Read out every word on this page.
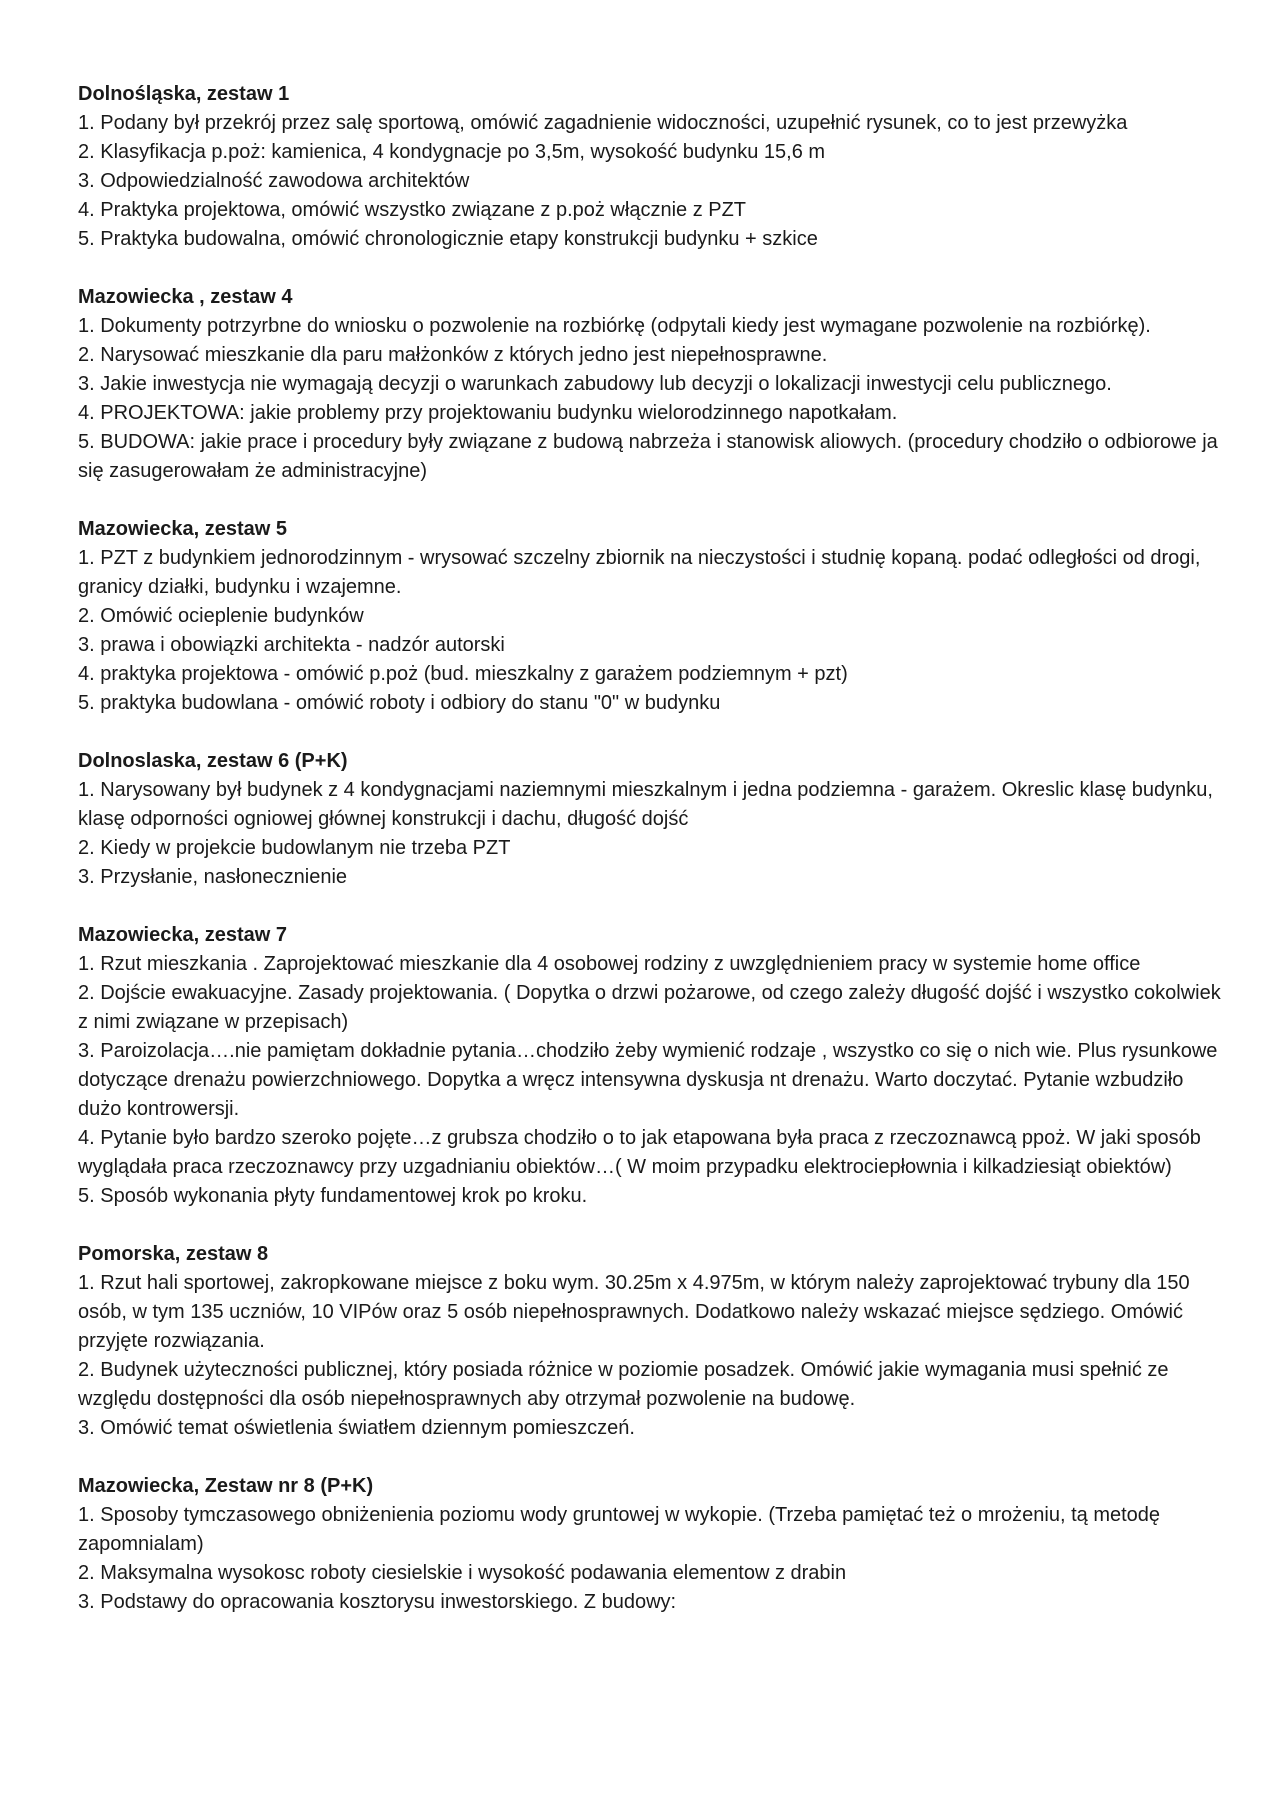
Dolnośląska, zestaw 1

1. Podany był przekrój przez salę sportową, omówić zagadnienie widoczności, uzupełnić rysunek, co to jest przewyżka

2. Klasyfikacja p.poż: kamienica, 4 kondygnacje po 3,5m, wysokość budynku 15,6 m

3. Odpowiedzialność zawodowa architektów

4. Praktyka projektowa, omówić wszystko związane z p.poż włącznie z PZT

5. Praktyka budowalna, omówić chronologicznie etapy konstrukcji budynku + szkice

Mazowiecka , zestaw 4

1. Dokumenty potrzyrbne do wniosku o pozwolenie na rozbiórkę (odpytali kiedy jest wymagane pozwolenie na rozbiórkę).

2. Narysować mieszkanie dla paru małżonków z których jedno jest niepełnosprawne.

3. Jakie inwestycja nie wymagają decyzji o warunkach zabudowy lub decyzji o lokalizacji inwestycji celu publicznego.

4. PROJEKTOWA: jakie problemy przy projektowaniu budynku wielorodzinnego napotkałam.

5. BUDOWA: jakie prace i procedury były związane z budową nabrzeża i stanowisk aliowych. (procedury chodziło o odbiorowe ja się zasugerowałam że administracyjne)

Mazowiecka, zestaw 5

1. PZT z budynkiem jednorodzinnym - wrysować szczelny zbiornik na nieczystości i studnię kopaną. podać odległości od drogi, granicy działki, budynku i wzajemne.

2. Omówić ocieplenie budynków

3. prawa i obowiązki architekta - nadzór autorski

4. praktyka projektowa - omówić p.poż (bud. mieszkalny z garażem podziemnym + pzt)

5. praktyka budowlana - omówić roboty i odbiory do stanu "0" w budynku

Dolnoslaska, zestaw 6 (P+K)

1. Narysowany był budynek z 4 kondygnacjami naziemnymi mieszkalnym i jedna podziemna - garażem. Okreslic klasę budynku, klasę odporności ogniowej głównej konstrukcji i dachu, długość dojść

2. Kiedy w projekcie budowlanym nie trzeba PZT

3. Przysłanie, nasłonecznienie

Mazowiecka, zestaw 7

1. Rzut mieszkania . Zaprojektować mieszkanie dla 4 osobowej rodziny z uwzględnieniem pracy w systemie home office

2. Dojście ewakuacyjne. Zasady projektowania. ( Dopytka o drzwi pożarowe, od czego zależy długość dojść i wszystko cokolwiek z nimi związane w przepisach)

3. Paroizolacja….nie pamiętam dokładnie pytania…chodziło żeby wymienić rodzaje , wszystko co się o nich wie. Plus rysunkowe dotyczące drenażu powierzchniowego. Dopytka a wręcz intensywna dyskusja nt drenażu. Warto doczytać. Pytanie wzbudziło dużo kontrowersji.

4. Pytanie było bardzo szeroko pojęte…z grubsza chodziło o to jak etapowana była praca z rzeczoznawcą ppoż. W jaki sposób wyglądała praca rzeczoznawcy przy uzgadnianiu obiektów…( W moim przypadku elektrociepłownia i kilkadziesiąt obiektów)

5. Sposób wykonania płyty fundamentowej krok po kroku.

Pomorska, zestaw 8

1. Rzut hali sportowej, zakropkowane miejsce z boku wym. 30.25m x 4.975m, w którym należy zaprojektować trybuny dla 150 osób, w tym 135 uczniów, 10 VIPów oraz 5 osób niepełnosprawnych. Dodatkowo należy wskazać miejsce sędziego. Omówić przyjęte rozwiązania.

2. Budynek użyteczności publicznej, który posiada różnice w poziomie posadzek. Omówić jakie wymagania musi spełnić ze względu dostępności dla osób niepełnosprawnych aby otrzymał pozwolenie na budowę.

3. Omówić temat oświetlenia światłem dziennym pomieszczeń.

Mazowiecka, Zestaw nr 8 (P+K)

1. Sposoby tymczasowego obniżenienia poziomu wody gruntowej w wykopie. (Trzeba pamiętać też o mrożeniu, tą metodę zapomnialam)

2. Maksymalna wysokosc roboty ciesielskie i wysokość podawania elementow z drabin

3. Podstawy do opracowania kosztorysu inwestorskiego. Z budowy:
